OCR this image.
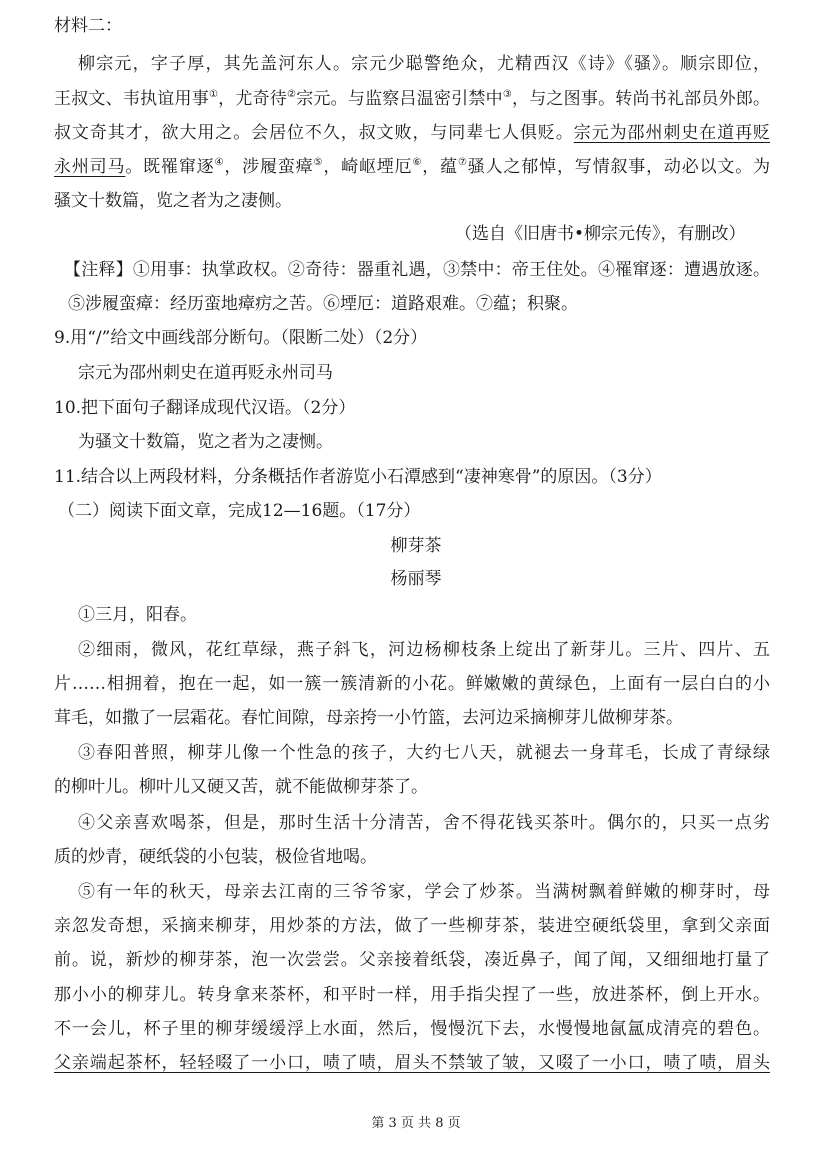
材料二：
柳宗元，字子厚，其先盖河东人。宗元少聪警绝众，尤精西汉《诗》《骚》。顺宗即位，
王叔文、韦执谊用事①，尤奇待②宗元。与监察吕温密引禁中③，与之图事。转尚书礼部员外郎。
叔文奇其才，欲大用之。会居位不久，叔文败，与同辈七人俱贬。宗元为邵州刺史在道再贬
永州司马。既罹窜逐④，涉履蛮瘴⑤，崎岖堙厄⑥，蕴⑦骚人之郁悼，写情叙事，动必以文。为
骚文十数篇，览之者为之凄侧。
（选自《旧唐书•柳宗元传》，有删改）
【注释】①用事：执掌政权。②奇待：器重礼遇，③禁中：帝王住处。④罹窜逐：遭遇放逐。
⑤涉履蛮瘴：经历蛮地瘴疠之苦。⑥堙厄：道路艰难。⑦蕴；积聚。
9.用“/”给文中画线部分断句。（限断二处）（2分）
宗元为邵州刺史在道再贬永州司马
10.把下面句子翻译成现代汉语。（2分）
为骚文十数篇，览之者为之凄恻。
11.结合以上两段材料，分条概括作者游览小石潭感到“凄神寒骨”的原因。（3分）
（二）阅读下面文章，完成12—16题。（17分）
柳芽茶
杨丽琴
①三月，阳春。
②细雨，微风，花红草绿，燕子斜飞，河边杨柳枝条上绽出了新芽儿。三片、四片、五
片……相拥着，抱在一起，如一簇一簇清新的小花。鲜嫩嫩的黄绿色，上面有一层白白的小
茸毛，如撒了一层霜花。春忙间隙，母亲挎一小竹篮，去河边采摘柳芽儿做柳芽茶。
③春阳普照，柳芽儿像一个性急的孩子，大约七八天，就褪去一身茸毛，长成了青绿绿
的柳叶儿。柳叶儿又硬又苦，就不能做柳芽茶了。
④父亲喜欢喝茶，但是，那时生活十分清苦，舍不得花钱买茶叶。偶尔的，只买一点劣
质的炒青，硬纸袋的小包装，极俭省地喝。
⑤有一年的秋天，母亲去江南的三爷爷家，学会了炒茶。当满树飘着鲜嫩的柳芽时，母
亲忽发奇想，采摘来柳芽，用炒茶的方法，做了一些柳芽茶，装进空硬纸袋里，拿到父亲面
前。说，新炒的柳芽茶，泡一次尝尝。父亲接着纸袋，凑近鼻子，闻了闻，又细细地打量了
那小小的柳芽儿。转身拿来茶杯，和平时一样，用手指尖捏了一些，放进茶杯，倒上开水。
不一会儿，杯子里的柳芽缓缓浮上水面，然后，慢慢沉下去，水慢慢地氤氲成清亮的碧色。
父亲端起茶杯，轻轻啜了一小口，啧了啧，眉头不禁皱了皱，又啜了一小口，啧了啧，眉头
第 3 页 共 8 页
